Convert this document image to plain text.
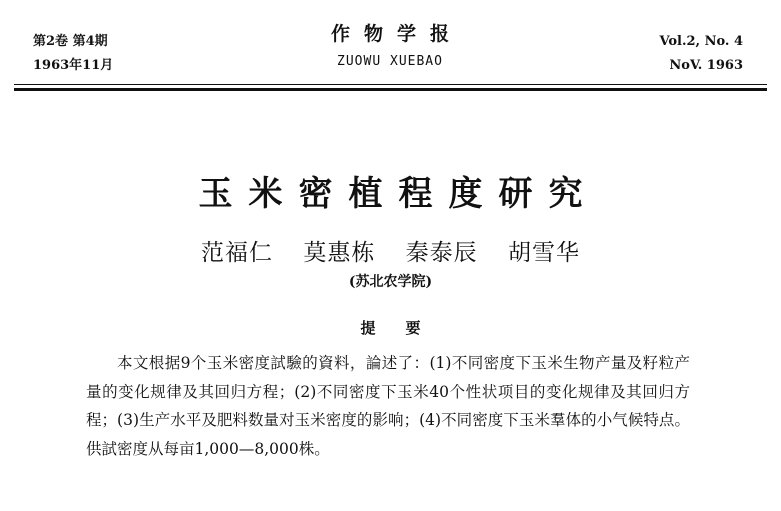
第2卷 第4期
1963年11月
作物学报
ZUOWU XUEBAO
Vol.2, No. 4
NoV. 1963
玉米密植程度研究
范福仁 莫惠栋 秦泰辰 胡雪华
(苏北农学院)
提要

本文根据9个玉米密度試驗的資料，論述了：(1)不同密度下玉米生物产量及籽粒产量的变化规律及其回归方程；(2)不同密度下玉米40个性状项目的变化规律及其回归方程；(3)生产水平及肥料数量对玉米密度的影响；(4)不同密度下玉米羣体的小气候特点。供試密度从每亩1,000—8,000株。
